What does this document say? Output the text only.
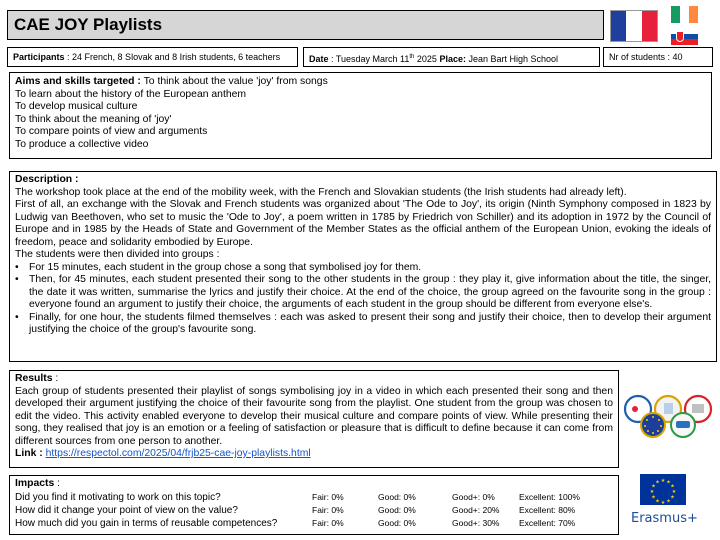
CAE JOY Playlists
Participants : 24 French, 8 Slovak and 8 Irish students, 6 teachers	Date : Tuesday March 11th 2025 Place: Jean Bart High School	Nr of students : 40
Aims and skills targeted : To think about the value 'joy' from songs
To learn about the history of the European anthem
To develop musical culture
To think about the meaning of 'joy'
To compare points of view and arguments
To produce a collective video
Description :
The workshop took place at the end of the mobility week, with the French and Slovakian students (the Irish students had already left).
First of all, an exchange with the Slovak and French students was organized about 'The Ode to Joy', its origin (Ninth Symphony composed in 1823 by Ludwig van Beethoven, who set to music the 'Ode to Joy', a poem written in 1785 by Friedrich von Schiller) and its adoption in 1972 by the Council of Europe and in 1985 by the Heads of State and Government of the Member States as the official anthem of the European Union, evoking the ideals of freedom, peace and solidarity embodied by Europe.
The students were then divided into groups :
• For 15 minutes, each student in the group chose a song that symbolised joy for them.
• Then, for 45 minutes, each student presented their song to the other students in the group : they play it, give information about the title, the singer, the date it was written, summarise the lyrics and justify their choice. At the end of the choice, the group agreed on the favourite song in the group : everyone found an argument to justify their choice, the arguments of each student in the group should be different from everyone else's.
• Finally, for one hour, the students filmed themselves : each was asked to present their song and justify their choice, then to develop their argument justifying the choice of the group's favourite song.
Results :
Each group of students presented their playlist of songs symbolising joy in a video in which each presented their song and then developed their argument justifying the choice of their favourite song from the playlist. One student from the group was chosen to edit the video. This activity enabled everyone to develop their musical culture and compare points of view. While presenting their song, they realised that joy is an emotion or a feeling of satisfaction or pleasure that is difficult to define because it can come from different sources from one person to another.
Link : https://respectol.com/2025/04/frjb25-cae-joy-playlists.html
Impacts :
Did you find it motivating to work on this topic?	Fair: 0%	Good: 0%	Good+: 0%	Excellent: 100%
How did it change your point of view on the value?	Fair: 0%	Good: 0%	Good+: 20%	Excellent: 80%
How much did you gain in terms of reusable competences?	Fair: 0%	Good: 0%	Good+: 30%	Excellent: 70%
★ ★
★
★
★
★
★
★
★
★
★
★
Erasmus+
